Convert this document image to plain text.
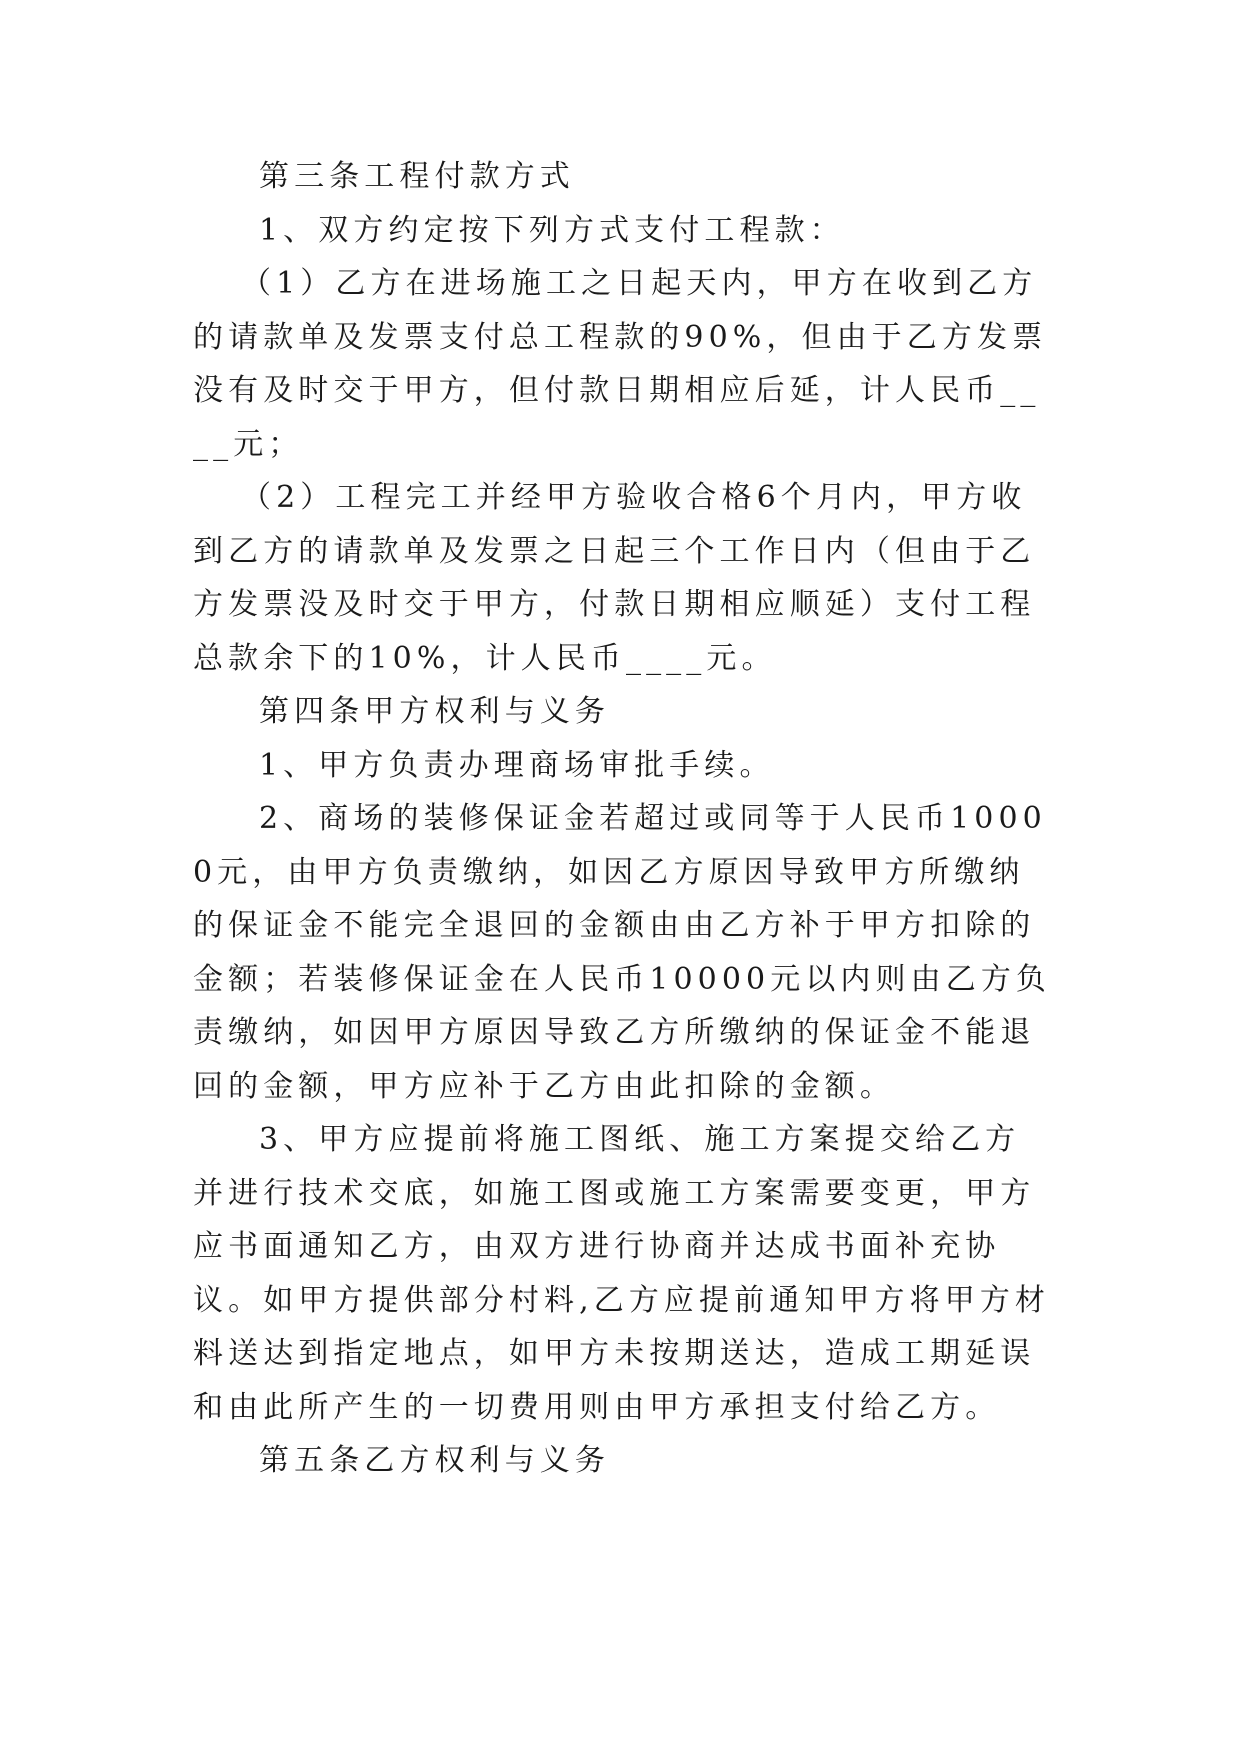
第三条工程付款方式

1、双方约定按下列方式支付工程款：

（1）乙方在进场施工之日起天内，甲方在收到乙方的请款单及发票支付总工程款的90%，但由于乙方发票没有及时交于甲方，但付款日期相应后延，计人民币____元；

（2）工程完工并经甲方验收合格6个月内，甲方收到乙方的请款单及发票之日起三个工作日内（但由于乙方发票没及时交于甲方，付款日期相应顺延）支付工程总款余下的10%，计人民币____元。

第四条甲方权利与义务

1、甲方负责办理商场审批手续。

2、商场的装修保证金若超过或同等于人民币10000元，由甲方负责缴纳，如因乙方原因导致甲方所缴纳的保证金不能完全退回的金额由由乙方补于甲方扣除的金额；若装修保证金在人民币10000元以内则由乙方负责缴纳，如因甲方原因导致乙方所缴纳的保证金不能退回的金额，甲方应补于乙方由此扣除的金额。

3、甲方应提前将施工图纸、施工方案提交给乙方并进行技术交底，如施工图或施工方案需要变更，甲方应书面通知乙方，由双方进行协商并达成书面补充协议。如甲方提供部分村料,乙方应提前通知甲方将甲方材料送达到指定地点，如甲方未按期送达，造成工期延误和由此所产生的一切费用则由甲方承担支付给乙方。

第五条乙方权利与义务
